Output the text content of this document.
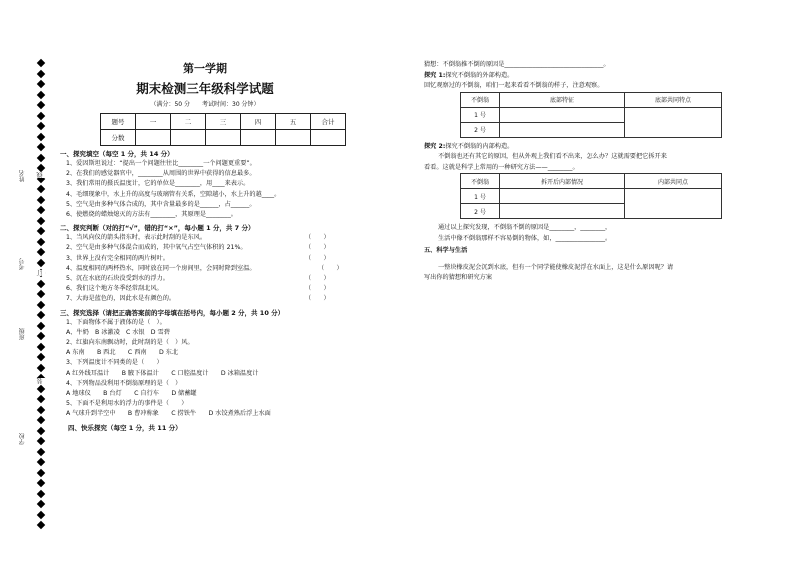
姓名
考号
班级
学校
线
订
装
第一学期
期末检测三年级科学试题
（满分：50 分　　考试时间：30 分钟）
题号	一	二	三	四	五	合计
分数						
一、探究填空（每空 1 分，共 14 分）
1、爱因斯坦说过：“提出一个问题往往比________一个问题更重要”。
2、在我们的感觉器官中，________从周围的世界中获得的信息最多。
3、我们常用的摄氏温度计，它的单位是________，用____来表示。
4、毛细现象中，水上升的高度与玻璃管有关系，空隙越小，水上升的越____。
5、空气是由多种气体合成的，其中含量最多的是______，占______。
6、使燃烧的蜡烛熄灭的方法有________，其原理是________。
二、探究判断（对的打“√”，错的打“×”，每小题 1 分，共 7 分）
1、当风向仪的箭头指东时，表示此时刮的是东风。	（　　）
2、空气是由多种气体混合而成的，其中氧气占空气体积的 21%。	（　　）
3、世界上没有完全相同的两片树叶。	（　　）
4、温度相同的两杯热水，同时放在同一个房间里，会同时降到室温。	（　　）
5、沉在水底的石块没受到水的浮力。	（　　）
6、我们这个地方冬季经常刮北风。	（　　）
7、大海是蓝色的，因此水是有颜色的。	（　　）
三、探究选择（请把正确答案前的字母填在括号内，每小题 2 分，共 10 分）
1、下面物体不属于液体的是（　）。
A、牛奶　B 冰激凌　C 水银　D 雪碧
2、红旗向东南飘动时，此时刮的是（　）风。
A 东南　　B 西北　　C 西南　　D 东北
3、下列温度计不同类的是（　　）
A 红外线耳温计　　B 腋下体温计　　C 口腔温度计　　D 冰箱温度计
4、下列物品没利用不倒翁原理的是（　）
A 地球仪　　B 台灯　　C 自行车　　D 储蓄罐
5、下面不是利用水的浮力的事件是（　　）
A 气球升到半空中　　B 曹冲称象　　C 捞铁牛　　D 水饺煮熟后浮上水面
四、快乐探究（每空 1 分，共 11 分）
猜想：不倒翁推不倒的原因是________________________________。
探究 1:探究不倒翁的外部构造。
回忆观察过的不倒翁，咱们一起来看看不倒翁的样子，注意观察。
不倒翁	底部特征	底部共同特点
1 号		
2 号		
探究 2:探究不倒翁的内部构造。
不倒翁也还有其它的原因，但从外观上我们看不出来，怎么办？这就需要把它拆开来
看看。这就是科学上常用的一种研究方法——________。
不倒翁	拆开后内部情况	内部共同点
1 号		
2 号		
通过以上探究发现，不倒翁不倒的原因是________，________，
生活中像不倒翁那样不容易倒的物体，如，________________。
五、科学与生活
一整块橡皮泥会沉到水底，但有一个同学能使橡皮泥浮在水面上，这是什么原因呢？请
写出你的猜想和研究方案
